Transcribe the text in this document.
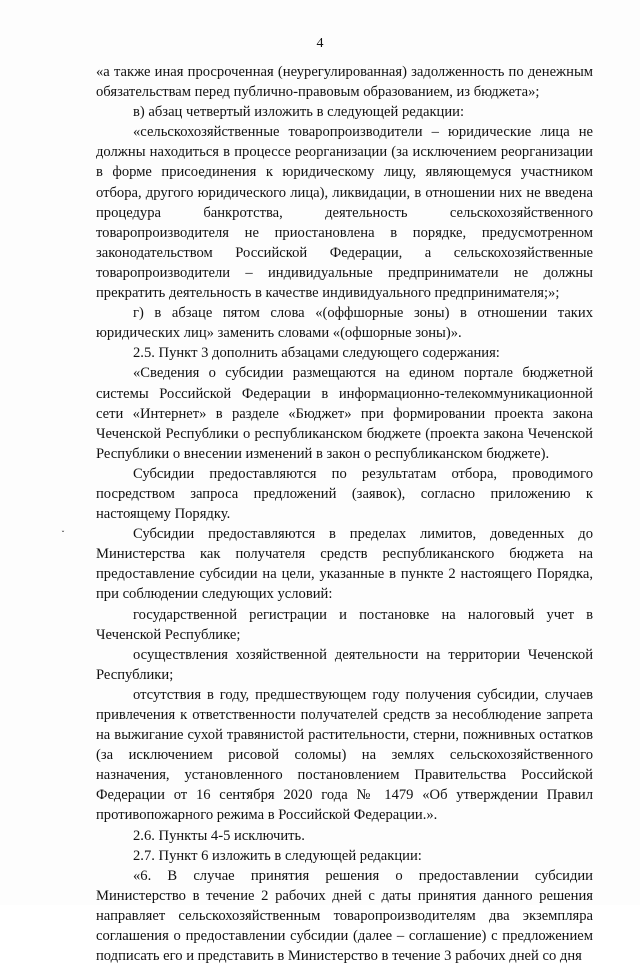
4
˯

«а также иная просроченная (неурегулированная) задолженность по денежным обязательствам перед публично-правовым образованием, из бюджета»;

в) абзац четвертый изложить в следующей редакции:

«сельскохозяйственные товаропроизводители – юридические лица не должны находиться в процессе реорганизации (за исключением реорганизации в форме присоединения к юридическому лицу, являющемуся участником отбора, другого юридического лица), ликвидации, в отношении них не введена процедура банкротства, деятельность сельскохозяйственного товаропроизводителя не приостановлена в порядке, предусмотренном законодательством Российской Федерации, а сельскохозяйственные товаропроизводители – индивидуальные предприниматели не должны прекратить деятельность в качестве индивидуального предпринимателя;»;

г) в абзаце пятом слова «(оффшорные зоны) в отношении таких юридических лиц» заменить словами «(офшорные зоны)».

2.5. Пункт 3 дополнить абзацами следующего содержания:

«Сведения о субсидии размещаются на едином портале бюджетной системы Российской Федерации в информационно-телекоммуникационной сети «Интернет» в разделе «Бюджет» при формировании проекта закона Чеченской Республики о республиканском бюджете (проекта закона Чеченской Республики о внесении изменений в закон о республиканском бюджете).

Субсидии предоставляются по результатам отбора, проводимого посредством запроса предложений (заявок), согласно приложению к настоящему Порядку.

Субсидии предоставляются в пределах лимитов, доведенных до Министерства как получателя средств республиканского бюджета на предоставление субсидии на цели, указанные в пункте 2 настоящего Порядка, при соблюдении следующих условий:

государственной регистрации и постановке на налоговый учет в Чеченской Республике;

осуществления хозяйственной деятельности на территории Чеченской Республики;

отсутствия в году, предшествующем году получения субсидии, случаев привлечения к ответственности получателей средств за несоблюдение запрета на выжигание сухой травянистой растительности, стерни, пожнивных остатков (за исключением рисовой соломы) на землях сельскохозяйственного назначения, установленного постановлением Правительства Российской Федерации от 16 сентября 2020 года № 1479 «Об утверждении Правил противопожарного режима в Российской Федерации.».

2.6. Пункты 4-5 исключить.

2.7. Пункт 6 изложить в следующей редакции:

«6. В случае принятия решения о предоставлении субсидии Министерство в течение 2 рабочих дней с даты принятия данного решения направляет сельскохозяйственным товаропроизводителям два экземпляра соглашения о предоставлении субсидии (далее – соглашение) с предложением подписать его и представить в Министерство в течение 3 рабочих дней со дня
